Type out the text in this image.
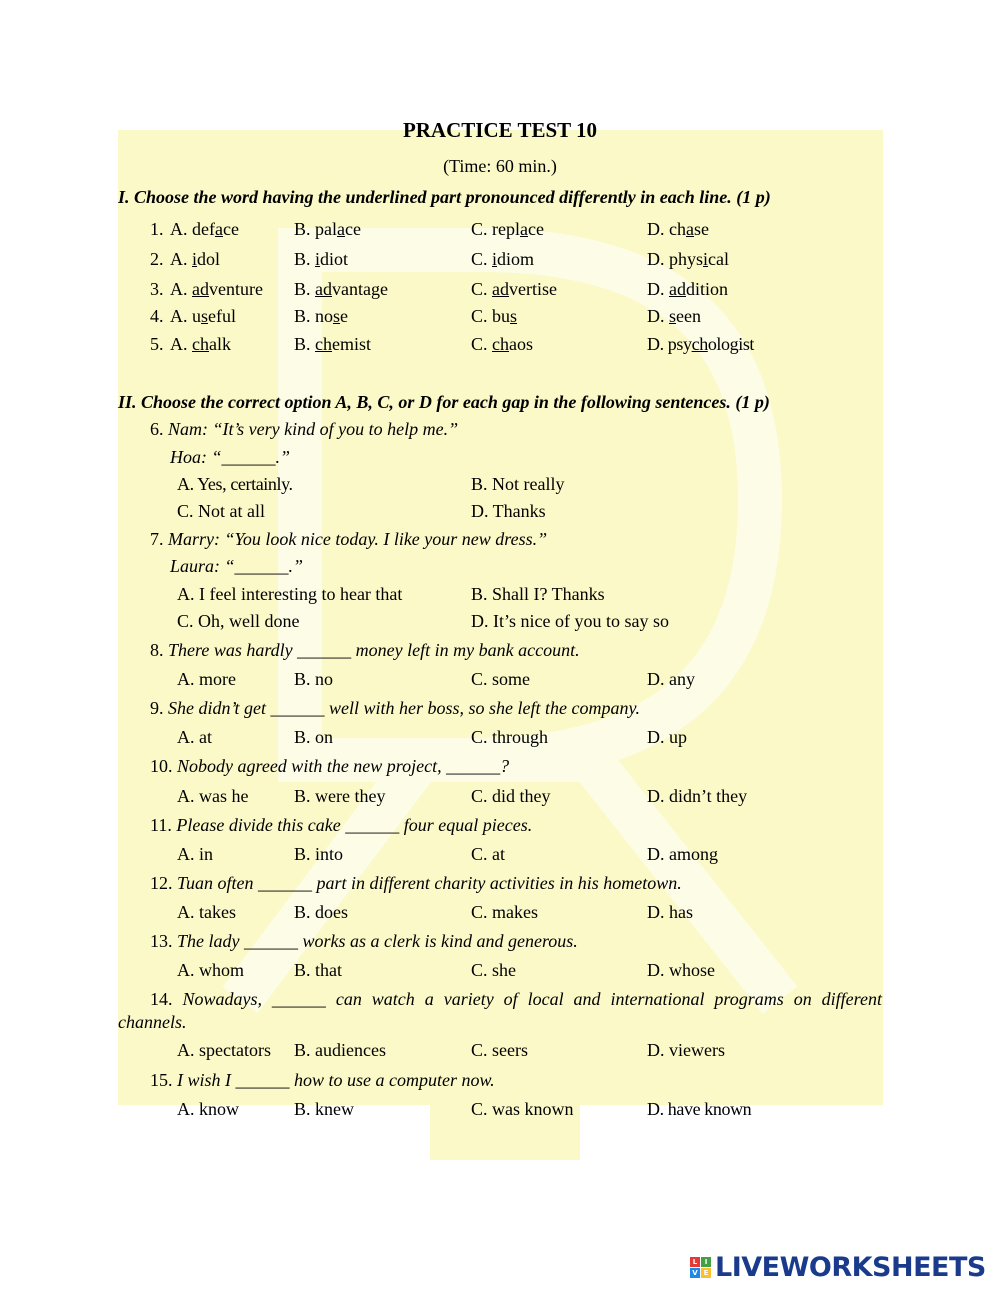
PRACTICE TEST 10
(Time: 60 min.)
I. Choose the word having the underlined part pronounced differently in each line. (1 p)
1. A. deface	B. palace	C. replace	D. chase
2. A. idol	B. idiot	C. idiom	D. physical
3. A. adventure B. advantage	C. advertise	D. addition
4. A. useful	B. nose	C. bus	D. seen
5. A. chalk	B. chemist	C. chaos	D. psychologist
II. Choose the correct option A, B, C, or D for each gap in the following sentences. (1 p)
6. Nam: “It’s very kind of you to help me.”
Hoa: “______.”
A. Yes, certainly.	B. Not really
C. Not at all	D. Thanks
7. Marry: “You look nice today. I like your new dress.”
Laura: “______.”
A. I feel interesting to hear that	B. Shall I? Thanks
C. Oh, well done	D. It’s nice of you to say so
8. There was hardly ______ money left in my bank account.
A. more	B. no	C. some	D. any
9. She didn’t get ______ well with her boss, so she left the company.
A. at	B. on	C. through	D. up
10. Nobody agreed with the new project, ______?
A. was he	B. were they	C. did they	D. didn’t they
11. Please divide this cake ______ four equal pieces.
A. in	B. into	C. at	D. among
12. Tuan often ______ part in different charity activities in his hometown.
A. takes	B. does	C. makes	D. has
13. The lady ______ works as a clerk is kind and generous.
A. whom	B. that	C. she	D. whose
14. Nowadays, ______ can watch a variety of local and international programs on different
channels.
A. spectators B. audiences	C. seers	D. viewers
15. I wish I ______ how to use a computer now.
A. know	B. knew	C. was known	D. have known
L	I
V E LIVEWORKSHEETS
